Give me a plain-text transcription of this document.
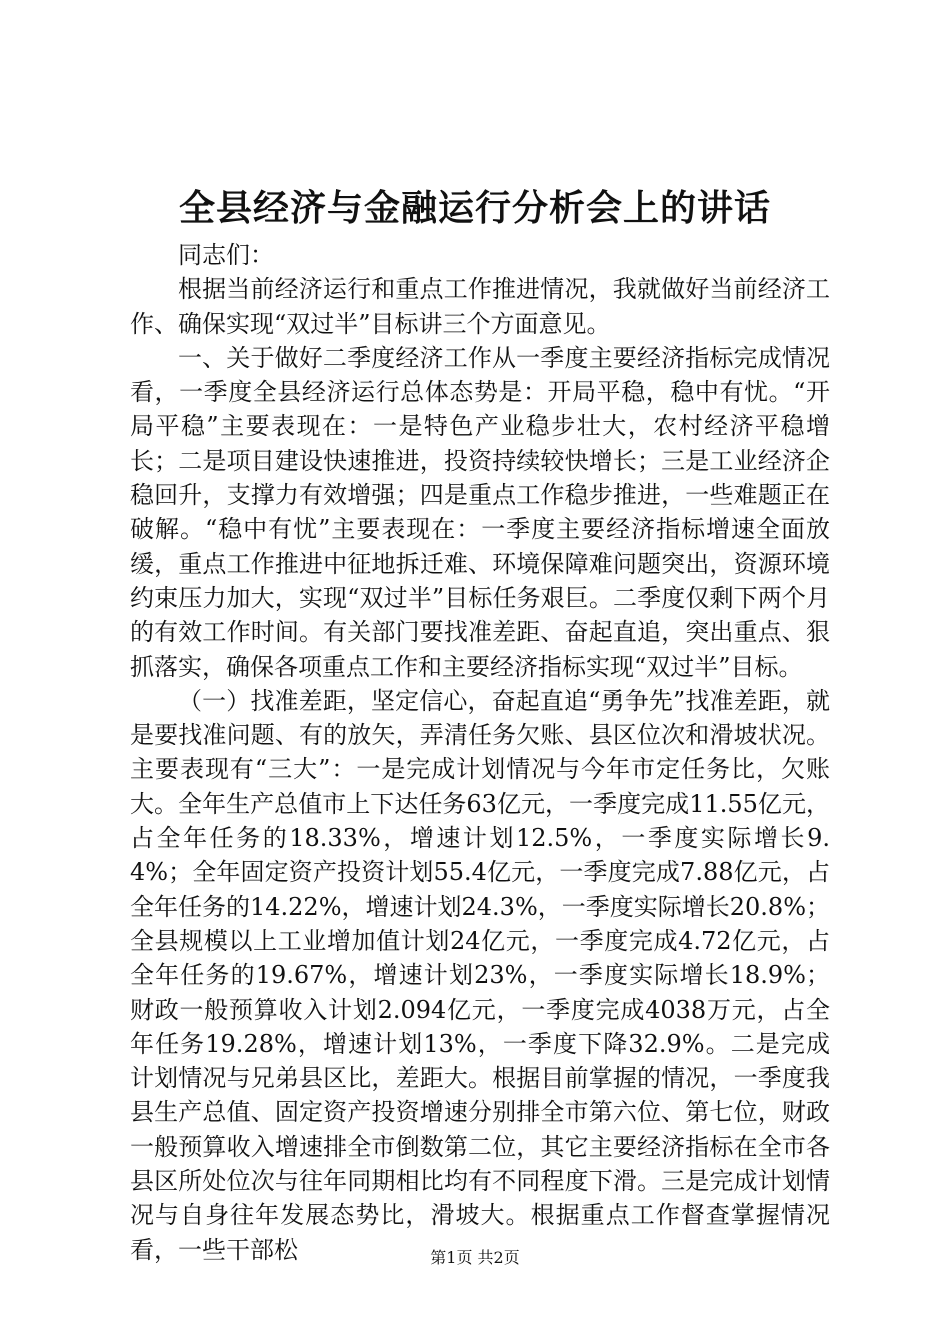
全县经济与金融运行分析会上的讲话

同志们：

根据当前经济运行和重点工作推进情况，我就做好当前经济工作、确保实现“双过半”目标讲三个方面意见。

一、关于做好二季度经济工作从一季度主要经济指标完成情况看，一季度全县经济运行总体态势是：开局平稳，稳中有忧。“开局平稳”主要表现在：一是特色产业稳步壮大，农村经济平稳增长；二是项目建设快速推进，投资持续较快增长；三是工业经济企稳回升，支撑力有效增强；四是重点工作稳步推进，一些难题正在破解。“稳中有忧”主要表现在：一季度主要经济指标增速全面放缓，重点工作推进中征地拆迁难、环境保障难问题突出，资源环境约束压力加大，实现“双过半”目标任务艰巨。二季度仅剩下两个月的有效工作时间。有关部门要找准差距、奋起直追，突出重点、狠抓落实，确保各项重点工作和主要经济指标实现“双过半”目标。

（一）找准差距，坚定信心，奋起直追“勇争先”找准差距，就是要找准问题、有的放矢，弄清任务欠账、县区位次和滑坡状况。主要表现有“三大”：一是完成计划情况与今年市定任务比，欠账大。全年生产总值市上下达任务63亿元，一季度完成11.55亿元，占全年任务的18.33%，增速计划12.5%，一季度实际增长9.4%；全年固定资产投资计划55.4亿元，一季度完成7.88亿元，占全年任务的14.22%，增速计划24.3%，一季度实际增长20.8%；全县规模以上工业增加值计划24亿元，一季度完成4.72亿元，占全年任务的19.67%，增速计划23%，一季度实际增长18.9%；财政一般预算收入计划2.094亿元，一季度完成4038万元，占全年任务19.28%，增速计划13%，一季度下降32.9%。二是完成计划情况与兄弟县区比，差距大。根据目前掌握的情况，一季度我县生产总值、固定资产投资增速分别排全市第六位、第七位，财政一般预算收入增速排全市倒数第二位，其它主要经济指标在全市各县区所处位次与往年同期相比均有不同程度下滑。三是完成计划情况与自身往年发展态势比，滑坡大。根据重点工作督查掌握情况看，一些干部松	第1页 共2页
